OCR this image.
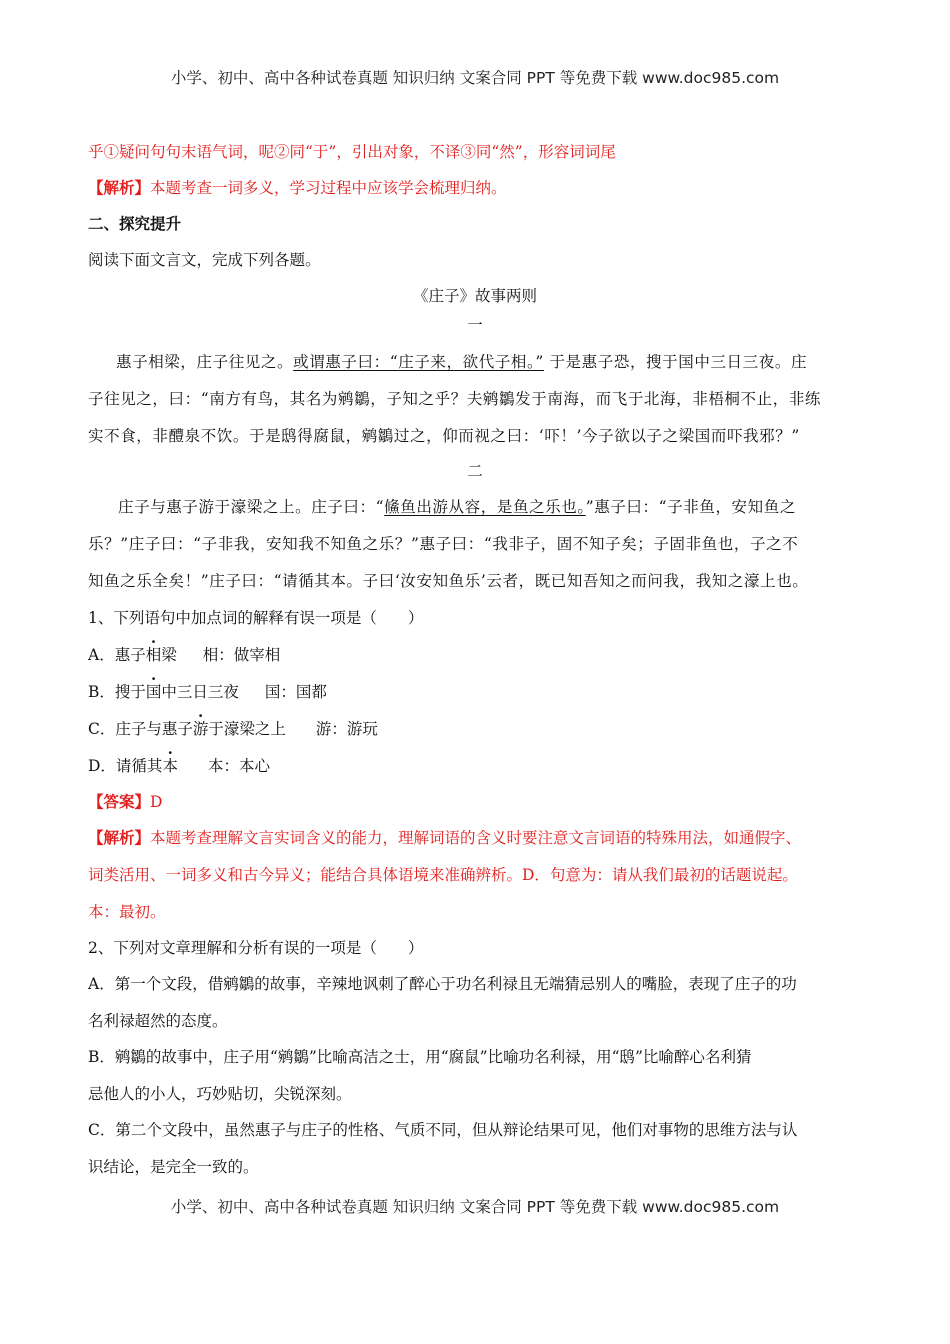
小学、初中、高中各种试卷真题 知识归纳 文案合同 PPT 等免费下载 www.doc985.com
乎①疑问句句末语气词，呢②同“于”，引出对象，不译③同“然”，形容词词尾
【解析】本题考查一词多义，学习过程中应该学会梳理归纳。
二、探究提升
阅读下面文言文，完成下列各题。
《庄子》故事两则
一
惠子相梁，庄子往见之。或谓惠子曰：“庄子来，欲代子相。” 于是惠子恐，搜于国中三日三夜。庄
子往见之，曰：“南方有鸟，其名为鹓鶵，子知之乎？夫鹓鶵发于南海，而飞于北海，非梧桐不止，非练
实不食，非醴泉不饮。于是鸱得腐鼠，鹓鶵过之，仰而视之曰：‘吓！’今子欲以子之梁国而吓我邪？”
二
庄子与惠子游于濠梁之上。庄子曰：“鯈鱼出游从容，是鱼之乐也。”惠子曰：“子非鱼，安知鱼之
乐？”庄子曰：“子非我，安知我不知鱼之乐？”惠子曰：“我非子，固不知子矣；子固非鱼也，子之不
知鱼之乐全矣！”庄子曰：“请循其本。子曰‘汝安知鱼乐’云者，既已知吾知之而问我，我知之濠上也。
1、下列语句中加点词的解释有误一项是（　　）
A．惠子相梁 相：做宰相
B．搜于国中三日三夜 国：国都
C．庄子与惠子游于濠梁之上 游：游玩
D．请循其本 本：本心
【答案】D
【解析】本题考查理解文言实词含义的能力，理解词语的含义时要注意文言词语的特殊用法，如通假字、
词类活用、一词多义和古今异义；能结合具体语境来准确辨析。D．句意为：请从我们最初的话题说起。
本：最初。
2、下列对文章理解和分析有误的一项是（　　）
A．第一个文段，借鹓鶵的故事，辛辣地讽刺了醉心于功名利禄且无端猜忌别人的嘴脸，表现了庄子的功
名利禄超然的态度。
B．鹓鶵的故事中，庄子用“鹓鶵”比喻高洁之士，用“腐鼠”比喻功名利禄，用“鸱”比喻醉心名利猜
忌他人的小人，巧妙贴切，尖锐深刻。
C．第二个文段中，虽然惠子与庄子的性格、气质不同，但从辩论结果可见，他们对事物的思维方法与认
识结论，是完全一致的。
小学、初中、高中各种试卷真题 知识归纳 文案合同 PPT 等免费下载 www.doc985.com
